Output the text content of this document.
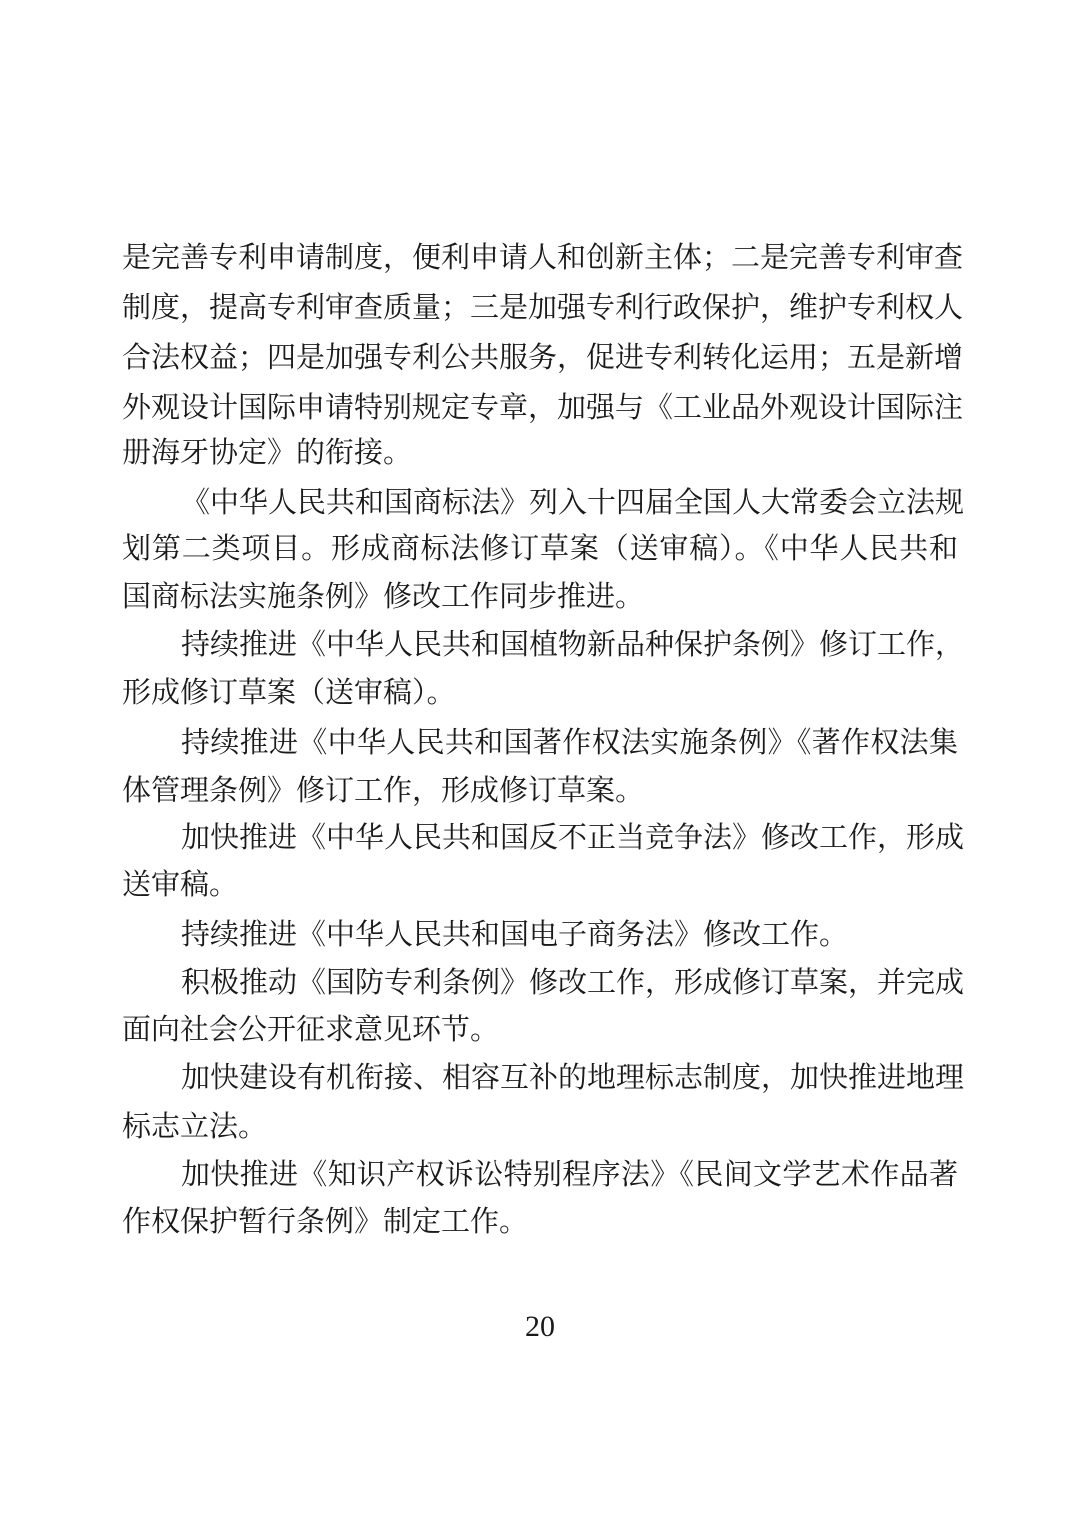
是完善专利申请制度，便利申请人和创新主体；二是完善专利审查
制度，提高专利审查质量；三是加强专利行政保护，维护专利权人
合法权益；四是加强专利公共服务，促进专利转化运用；五是新增
外观设计国际申请特别规定专章，加强与《工业品外观设计国际注
册海牙协定》的衔接。
《中华人民共和国商标法》列入十四届全国人大常委会立法规
划第二类项目。形成商标法修订草案（送审稿）。《中华人民共和
国商标法实施条例》修改工作同步推进。
持续推进《中华人民共和国植物新品种保护条例》修订工作，
形成修订草案（送审稿）。
持续推进《中华人民共和国著作权法实施条例》《著作权法集
体管理条例》修订工作，形成修订草案。
加快推进《中华人民共和国反不正当竞争法》修改工作，形成
送审稿。
持续推进《中华人民共和国电子商务法》修改工作。
积极推动《国防专利条例》修改工作，形成修订草案，并完成
面向社会公开征求意见环节。
加快建设有机衔接、相容互补的地理标志制度，加快推进地理
标志立法。
加快推进《知识产权诉讼特别程序法》《民间文学艺术作品著
作权保护暂行条例》制定工作。
20
